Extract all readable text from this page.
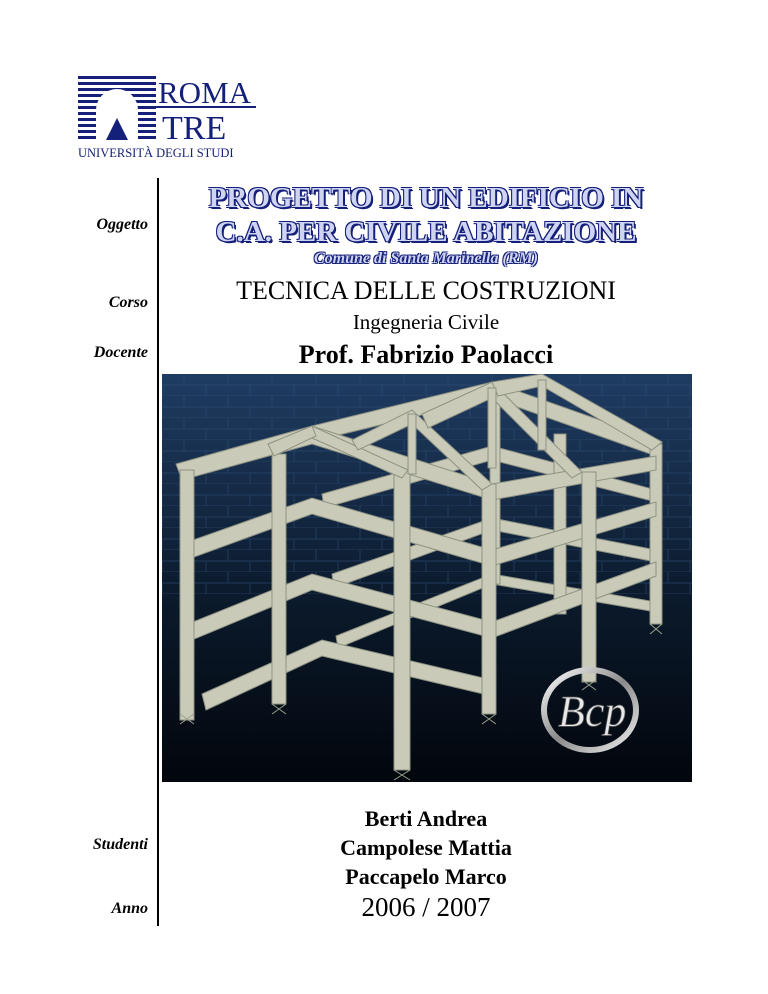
ROMA
TRE
UNIVERSITÀ DEGLI STUDI
Oggetto
Corso
Docente
Studenti
Anno
PROGETTO DI UN EDIFICIO IN
C.A. PER CIVILE ABITAZIONE
Comune di Santa Marinella (RM)
TECNICA DELLE COSTRUZIONI
Ingegneria Civile
Prof. Fabrizio Paolacci
Bcp
Berti Andrea
Campolese Mattia
Paccapelo Marco
2006 / 2007
